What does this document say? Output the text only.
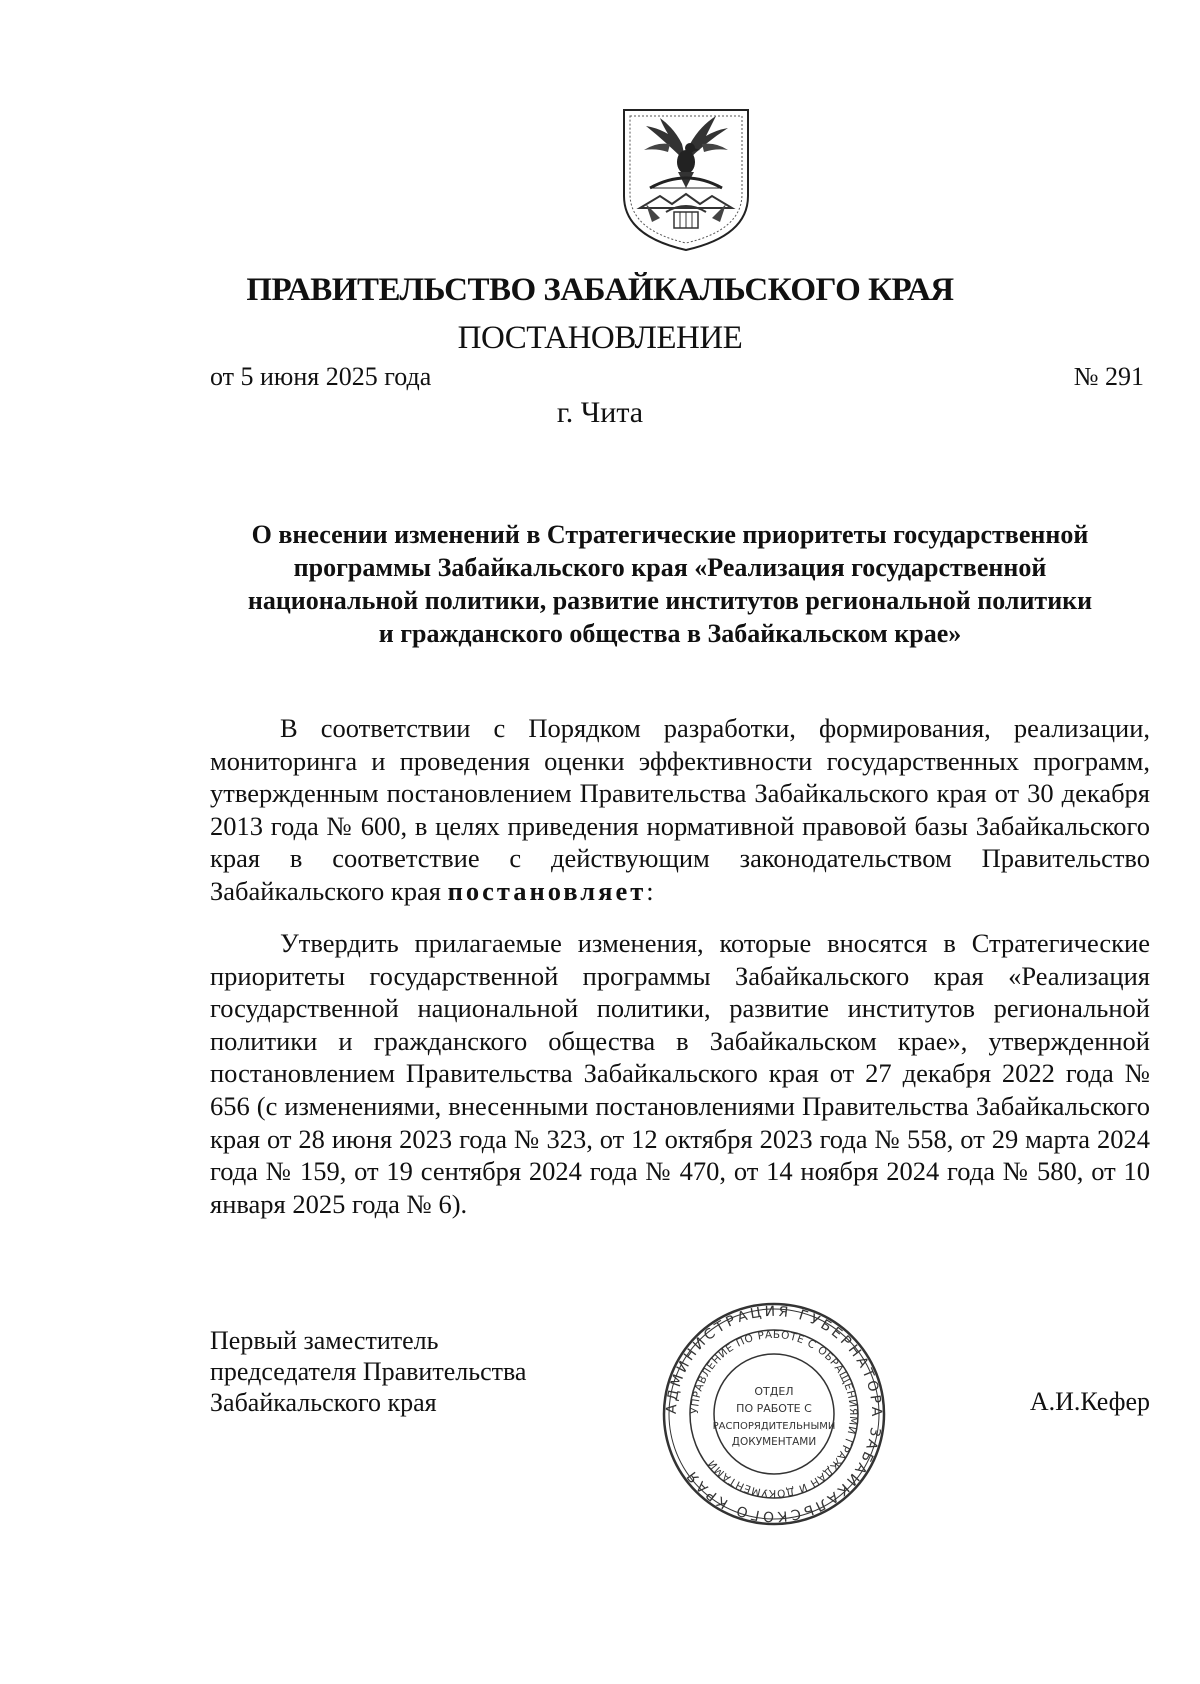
ПРАВИТЕЛЬСТВО ЗАБАЙКАЛЬСКОГО КРАЯ
ПОСТАНОВЛЕНИЕ
от 5 июня 2025 года	№ 291
г. Чита
О внесении изменений в Стратегические приоритеты государственной
программы Забайкальского края «Реализация государственной
национальной политики, развитие институтов региональной политики
и гражданского общества в Забайкальском крае»

В соответствии с Порядком разработки, формирования, реализации, мониторинга и проведения оценки эффективности государственных программ, утвержденным постановлением Правительства Забайкальского края от 30 декабря 2013 года № 600, в целях приведения нормативной правовой базы Забайкальского края в соответствие с действующим законодательством Правительство Забайкальского края постановляет:

Утвердить прилагаемые изменения, которые вносятся в Стратегические приоритеты государственной программы Забайкальского края «Реализация государственной национальной политики, развитие институтов региональной политики и гражданского общества в Забайкальском крае», утвержденной постановлением Правительства Забайкальского края от 27 декабря 2022 года № 656 (с изменениями, внесенными постановлениями Правительства Забайкальского края от 28 июня 2023 года № 323, от 12 октября 2023 года № 558, от 29 марта 2024 года № 159, от 19 сентября 2024 года № 470, от 14 ноября 2024 года № 580, от 10 января 2025 года № 6).

Первый заместитель
председателя Правительства
Забайкальского края	АДМИНИСТРАЦИЯ ГУБЕРНАТОРА ЗАБАЙКАЛЬСКОГО КРАЯ
УПРАВЛЕНИЕ ПО РАБОТЕ С ОБРАЩЕНИЯМИ ГРАЖДАН И ДОКУМЕНТАМИ
ОТДЕЛ
ПО РАБОТЕ С
РАСПОРЯДИТЕЛЬНЫМИ
ДОКУМЕНТАМИ
А.И.Кефер
